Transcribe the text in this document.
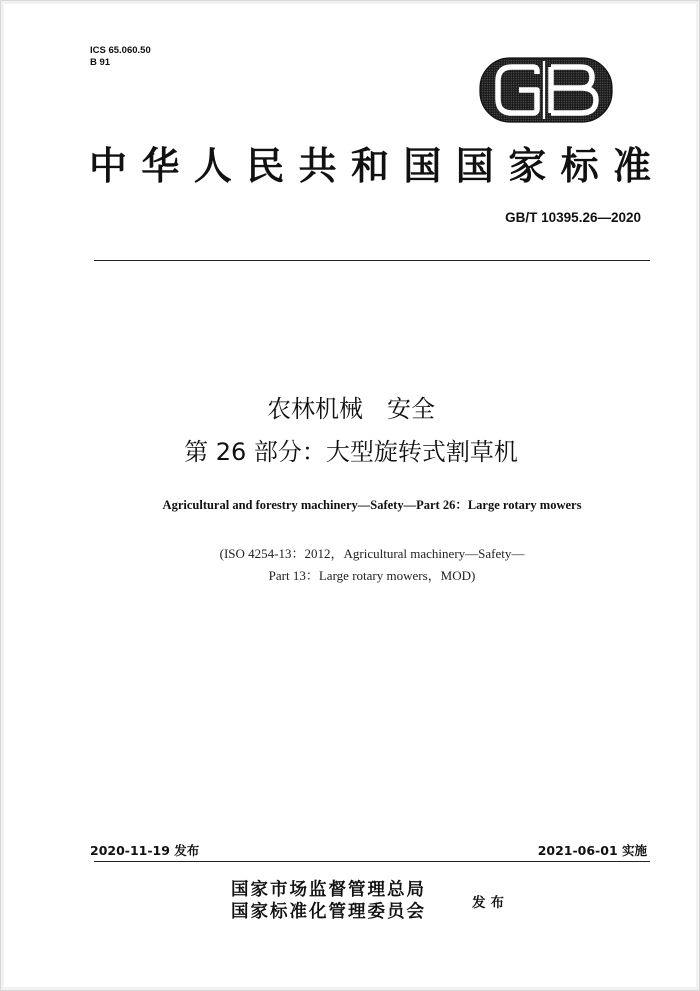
ICS 65.060.50
B 91
中华人民共和国国家标准
GB/T 10395.26—2020
农林机械　安全
第 26 部分：大型旋转式割草机
Agricultural and forestry machinery—Safety—Part 26：Large rotary mowers
(ISO 4254-13：2012，Agricultural machinery—Safety—
Part 13：Large rotary mowers，MOD)
2020-11-19 发布	2021-06-01 实施
国家市场监督管理总局
国家标准化管理委员会	发布
